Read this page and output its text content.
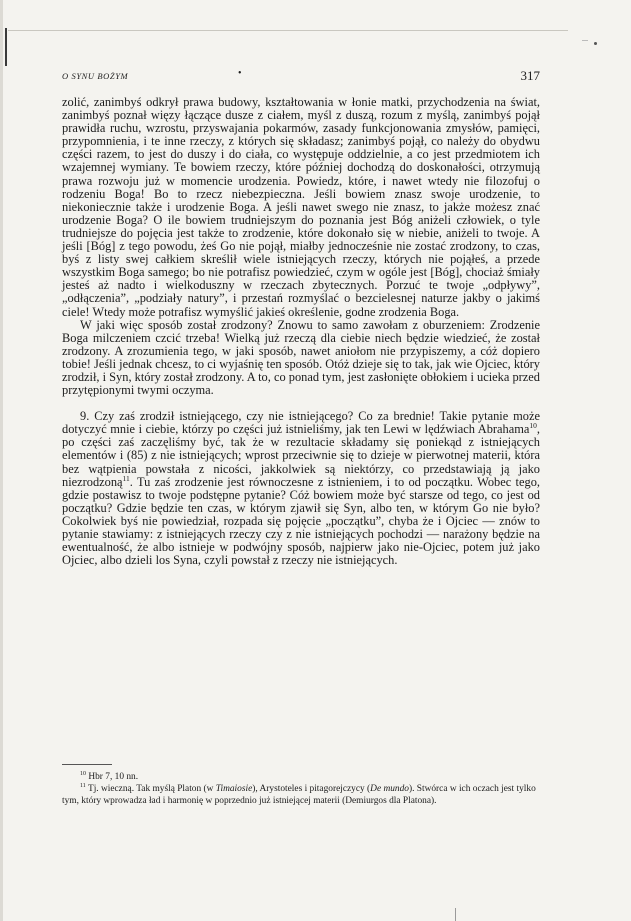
O SYNU BOŻYM	•	317

zolić, zanimbyś odkrył prawa budowy, kształtowania w łonie matki, przychodzenia na świat, zanimbyś poznał więzy łączące dusze z ciałem, myśl z duszą, rozum z myślą, zanimbyś pojął prawidła ruchu, wzrostu, przyswajania pokarmów, zasady funkcjonowania zmysłów, pamięci, przypomnienia, i te inne rzeczy, z których się składasz; zanimbyś pojął, co należy do obydwu części razem, to jest do duszy i do ciała, co występuje oddzielnie, a co jest przedmiotem ich wzajemnej wymiany. Te bowiem rzeczy, które później dochodzą do doskonałości, otrzymują prawa rozwoju już w momencie urodzenia. Powiedz, które, i nawet wtedy nie filozofuj o rodzeniu Boga! Bo to rzecz niebezpieczna. Jeśli bowiem znasz swoje urodzenie, to niekoniecznie także i urodzenie Boga. A jeśli nawet swego nie znasz, to jakże możesz znać urodzenie Boga? O ile bowiem trudniejszym do poznania jest Bóg aniżeli człowiek, o tyle trudniejsze do pojęcia jest także to zrodzenie, które dokonało się w niebie, aniżeli to twoje. A jeśli [Bóg] z tego powodu, żeś Go nie pojął, miałby jednocześnie nie zostać zrodzony, to czas, byś z listy swej całkiem skreślił wiele istniejących rzeczy, których nie pojąłeś, a przede wszystkim Boga samego; bo nie potrafisz powiedzieć, czym w ogóle jest [Bóg], chociaż śmiały jesteś aż nadto i wielkoduszny w rzeczach zbytecznych. Porzuć te twoje „odpływy”, „odłączenia”, „podziały natury”, i przestań rozmyślać o bezcielesnej naturze jakby o jakimś ciele! Wtedy może potrafisz wymyślić jakieś określenie, godne zrodzenia Boga.

W jaki więc sposób został zrodzony? Znowu to samo zawołam z oburzeniem: Zrodzenie Boga milczeniem czcić trzeba! Wielką już rzeczą dla ciebie niech będzie wiedzieć, że został zrodzony. A zrozumienia tego, w jaki sposób, nawet aniołom nie przypiszemy, a cóż dopiero tobie! Jeśli jednak chcesz, to ci wyjaśnię ten sposób. Otóż dzieje się to tak, jak wie Ojciec, który zrodził, i Syn, który został zrodzony. A to, co ponad tym, jest zasłonięte obłokiem i ucieka przed przytępionymi twymi oczyma.

9. Czy zaś zrodził istniejącego, czy nie istniejącego? Co za brednie! Takie pytanie może dotyczyć mnie i ciebie, którzy po części już istnieliśmy, jak ten Lewi w lędźwiach Abrahama$^{10}$, po części zaś zaczęliśmy być, tak że w rezultacie składamy się poniekąd z istniejących elementów i (85) z nie istniejących; wprost przeciwnie się to dzieje w pierwotnej materii, która bez wątpienia powstała z nicości, jakkolwiek są niektórzy, co przedstawiają ją jako niezrodzoną$^{11}$. Tu zaś zrodzenie jest równoczesne z istnieniem, i to od początku. Wobec tego, gdzie postawisz to twoje podstępne pytanie? Cóż bowiem może być starsze od tego, co jest od początku? Gdzie będzie ten czas, w którym zjawił się Syn, albo ten, w którym Go nie było? Cokolwiek byś nie powiedział, rozpada się pojęcie „początku”, chyba że i Ojciec — znów to pytanie stawiamy: z istniejących rzeczy czy z nie istniejących pochodzi — narażony będzie na ewentualność, że albo istnieje w podwójny sposób, najpierw jako nie-Ojciec, potem już jako Ojciec, albo dzieli los Syna, czyli powstał z rzeczy nie istniejących.

$^{10}$ Hbr 7, 10 nn.

$^{11}$ Tj. wieczną. Tak myślą Platon (w Timaiosie), Arystoteles i pitagorejczycy (De mundo). Stwórca w ich oczach jest tylko tym, który wprowadza ład i harmonię w poprzednio już istniejącej materii (Demiurgos dla Platona).
